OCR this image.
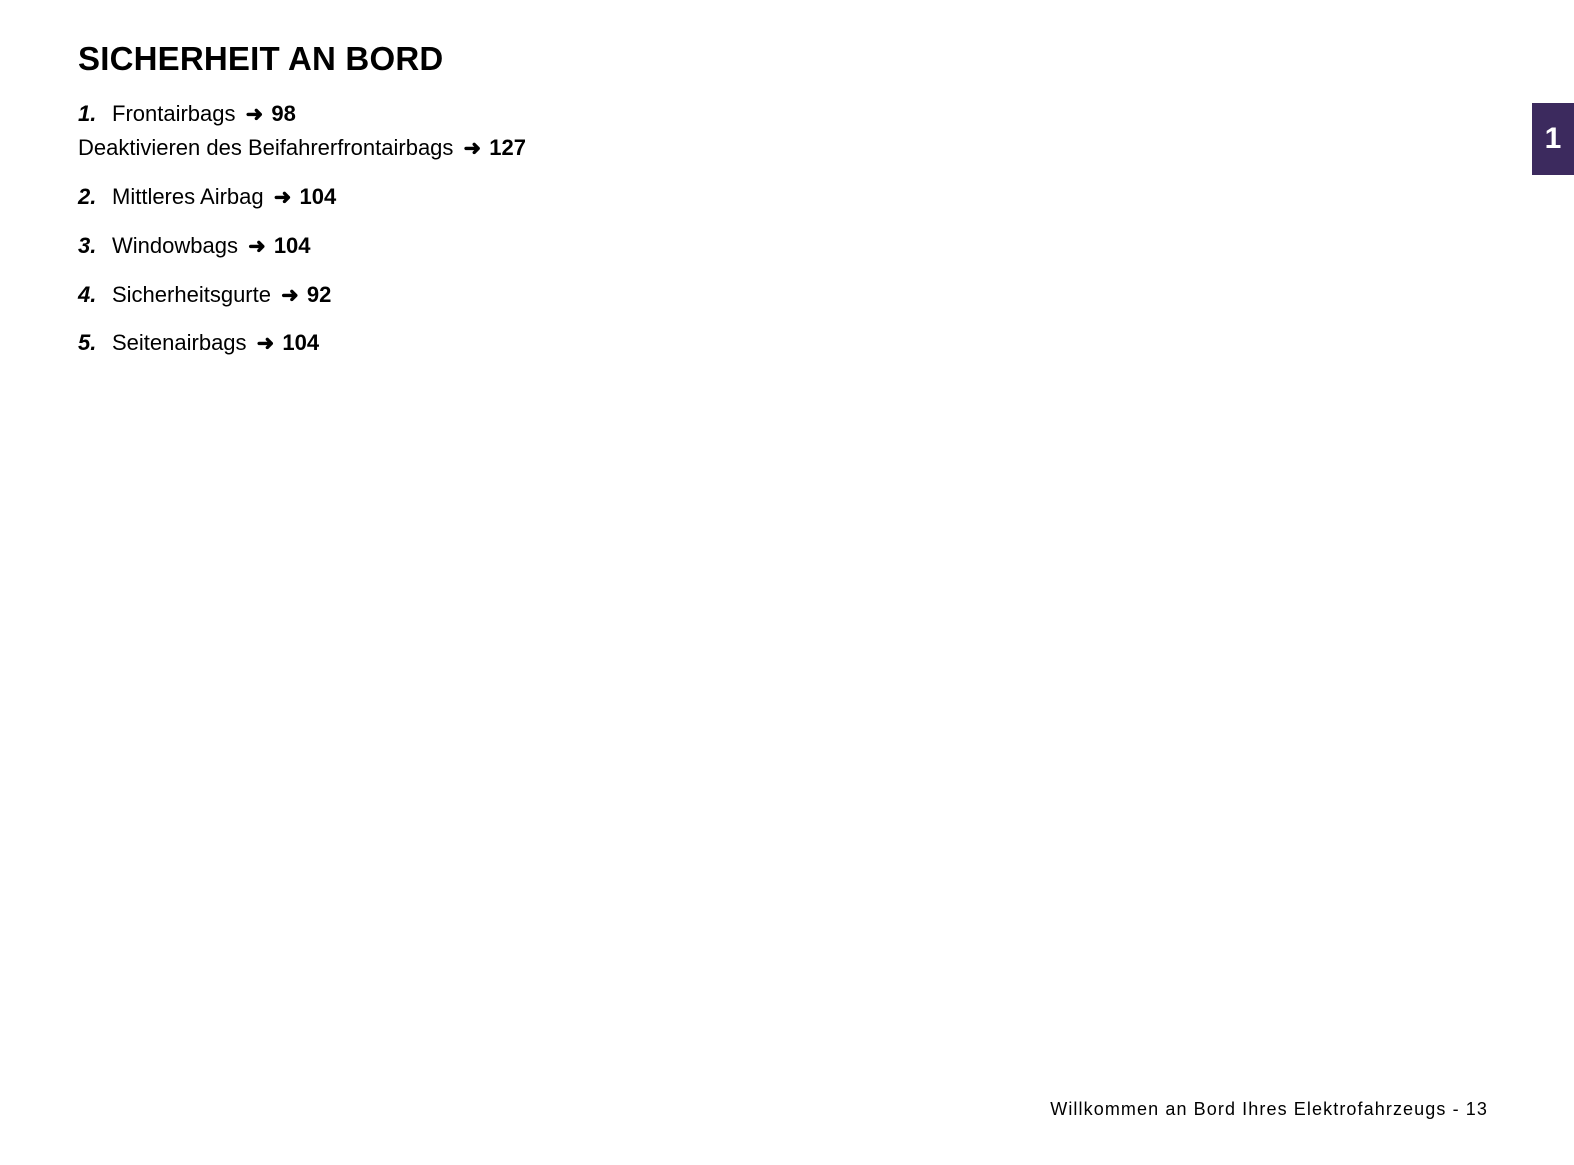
1
SICHERHEIT AN BORD
1. Frontairbags ➜ 98
Deaktivieren des Beifahrerfrontairbags ➜ 127
2. Mittleres Airbag ➜ 104
3. Windowbags ➜ 104
4. Sicherheitsgurte ➜ 92
5. Seitenairbags ➜ 104
Willkommen an Bord Ihres Elektrofahrzeugs - 13
